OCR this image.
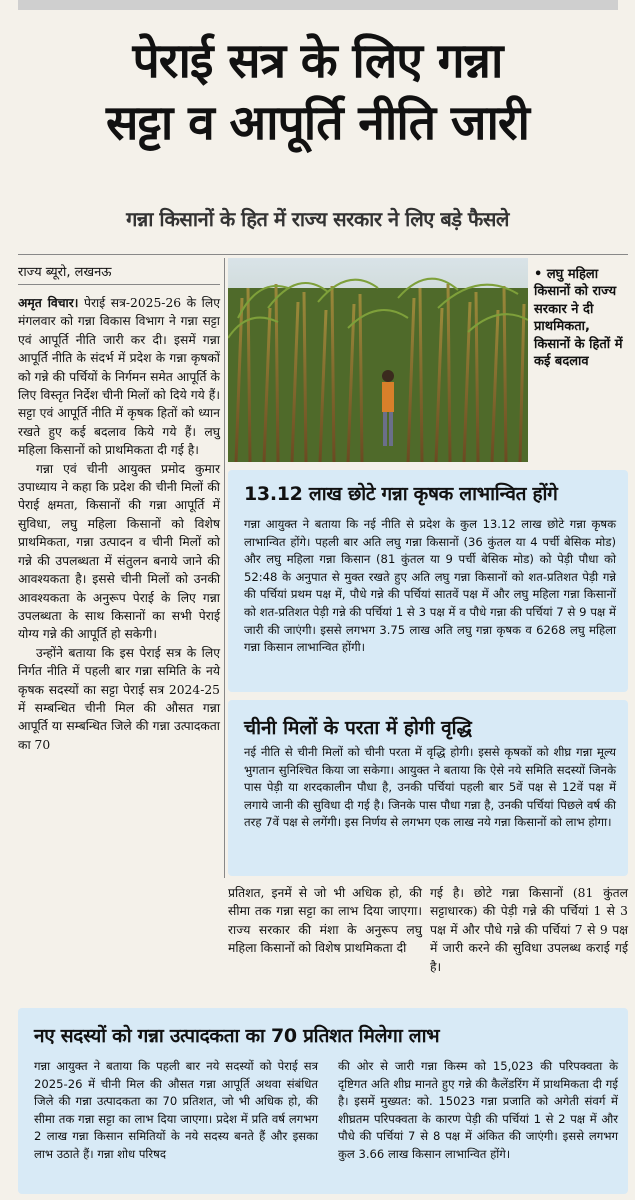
पेराई सत्र के लिए गन्ना
सट्टा व आपूर्ति नीति जारी
गन्ना किसानों के हित में राज्य सरकार ने लिए बड़े फैसले
राज्य ब्यूरो, लखनऊ

अमृत विचार। पेराई सत्र-2025-26 के लिए मंगलवार को गन्ना विकास विभाग ने गन्ना सट्टा एवं आपूर्ति नीति जारी कर दी। इसमें गन्ना आपूर्ति नीति के संदर्भ में प्रदेश के गन्ना कृषकों को गन्ने की पर्चियों के निर्गमन समेत आपूर्ति के लिए विस्तृत निर्देश चीनी मिलों को दिये गये हैं। सट्टा एवं आपूर्ति नीति में कृषक हितों को ध्यान रखते हुए कई बदलाव किये गये हैं। लघु महिला किसानों को प्राथमिकता दी गई है।

गन्ना एवं चीनी आयुक्त प्रमोद कुमार उपाध्याय ने कहा कि प्रदेश की चीनी मिलों की पेराई क्षमता, किसानों की गन्ना आपूर्ति में सुविधा, लघु महिला किसानों को विशेष प्राथमिकता, गन्ना उत्पादन व चीनी मिलों को गन्ने की उपलब्धता में संतुलन बनाये जाने की आवश्यकता है। इससे चीनी मिलों को उनकी आवश्यकता के अनुरूप पेराई के लिए गन्ना उपलब्धता के साथ किसानों का सभी पेराई योग्य गन्ने की आपूर्ति हो सकेगी।

उन्होंने बताया कि इस पेराई सत्र के लिए निर्गत नीति में पहली बार गन्ना समिति के नये कृषक सदस्यों का सट्टा पेराई सत्र 2024-25 में सम्बन्धित चीनी मिल की औसत गन्ना आपूर्ति या सम्बन्धित जिले की गन्ना उत्पादकता का 70

• लघु महिला किसानों को राज्य सरकार ने दी प्राथमिकता, किसानों के हितों में कई बदलाव
13.12 लाख छोटे गन्ना कृषक लाभान्वित होंगे
गन्ना आयुक्त ने बताया कि नई नीति से प्रदेश के कुल 13.12 लाख छोटे गन्ना कृषक लाभान्वित होंगे। पहली बार अति लघु गन्ना किसानों (36 कुंतल या 4 पर्ची बेसिक मोड) और लघु महिला गन्ना किसान (81 कुंतल या 9 पर्ची बेसिक मोड) को पेड़ी पौधा को 52:48 के अनुपात से मुक्त रखते हुए अति लघु गन्ना किसानों को शत-प्रतिशत पेड़ी गन्ने की पर्चियां प्रथम पक्ष में, पौधे गन्ने की पर्चियां सातवें पक्ष में और लघु महिला गन्ना किसानों को शत-प्रतिशत पेड़ी गन्ने की पर्चियां 1 से 3 पक्ष में व पौधे गन्ना की पर्चियां 7 से 9 पक्ष में जारी की जाएंगी। इससे लगभग 3.75 लाख अति लघु गन्ना कृषक व 6268 लघु महिला गन्ना किसान लाभान्वित होंगी।
चीनी मिलों के परता में होगी वृद्धि
नई नीति से चीनी मिलों को चीनी परता में वृद्धि होगी। इससे कृषकों को शीघ्र गन्ना मूल्य भुगतान सुनिश्चित किया जा सकेगा। आयुक्त ने बताया कि ऐसे नये समिति सदस्यों जिनके पास पेड़ी या शरदकालीन पौधा है, उनकी पर्चियां पहली बार 5वें पक्ष से 12वें पक्ष में लगाये जानी की सुविधा दी गई है। जिनके पास पौधा गन्ना है, उनकी पर्चियां पिछले वर्ष की तरह 7वें पक्ष से लगेंगी। इस निर्णय से लगभग एक लाख नये गन्ना किसानों को लाभ होगा।
प्रतिशत, इनमें से जो भी अधिक हो, की सीमा तक गन्ना सट्टा का लाभ दिया जाएगा। राज्य सरकार की मंशा के अनुरूप लघु महिला किसानों को विशेष प्राथमिकता दी
गई है। छोटे गन्ना किसानों (81 कुंतल सट्टाधारक) की पेड़ी गन्ने की पर्चियां 1 से 3 पक्ष में और पौधे गन्ने की पर्चियां 7 से 9 पक्ष में जारी करने की सुविधा उपलब्ध कराई गई है।
नए सदस्यों को गन्ना उत्पादकता का 70 प्रतिशत मिलेगा लाभ
गन्ना आयुक्त ने बताया कि पहली बार नये सदस्यों को पेराई सत्र 2025-26 में चीनी मिल की औसत गन्ना आपूर्ति अथवा संबंधित जिले की गन्ना उत्पादकता का 70 प्रतिशत, जो भी अधिक हो, की सीमा तक गन्ना सट्टा का लाभ दिया जाएगा। प्रदेश में प्रति वर्ष लगभग 2 लाख गन्ना किसान समितियों के नये सदस्य बनते हैं और इसका लाभ उठाते हैं। गन्ना शोध परिषद
की ओर से जारी गन्ना किस्म को 15,023 की परिपक्वता के दृष्टिगत अति शीघ्र मानते हुए गन्ने की कैलेंडरिंग में प्राथमिकता दी गई है। इसमें मुख्यत: को. 15023 गन्ना प्रजाति को अगेती संवर्ग में शीघ्रतम परिपक्वता के कारण पेड़ी की पर्चियां 1 से 2 पक्ष में और पौधे की पर्चियां 7 से 8 पक्ष में अंकित की जाएंगी। इससे लगभग कुल 3.66 लाख किसान लाभान्वित होंगे।
